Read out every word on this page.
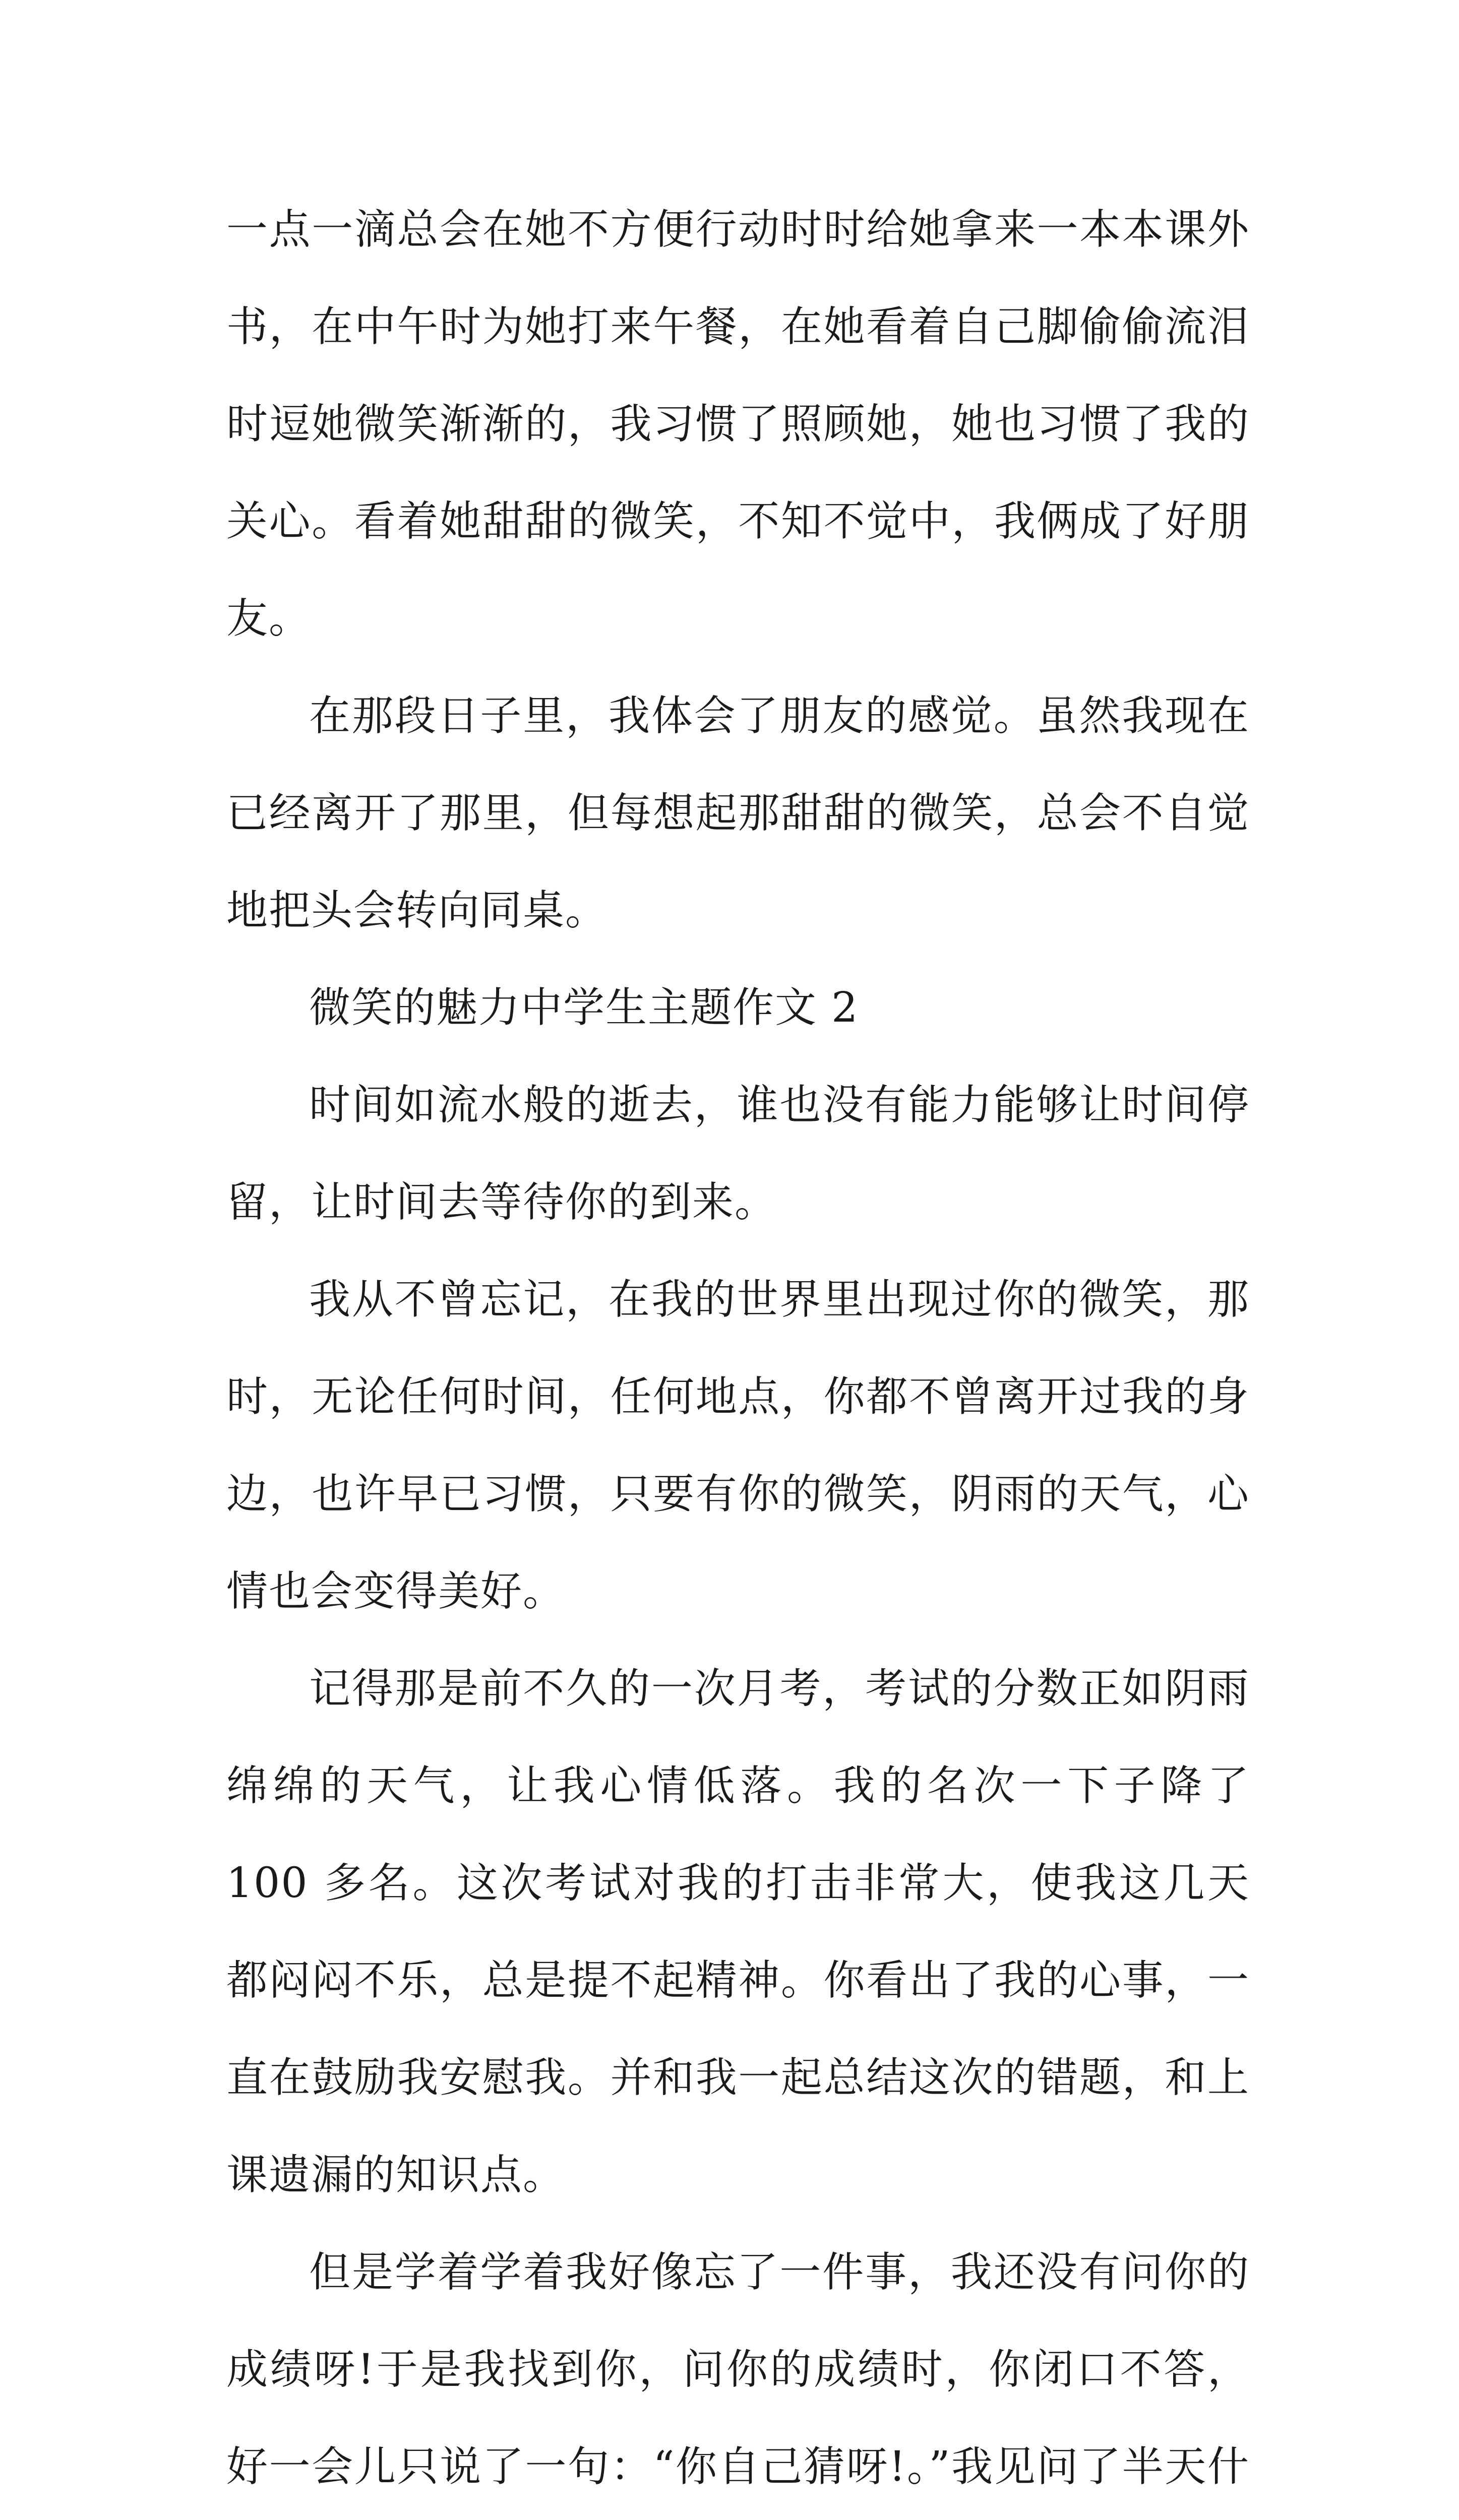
一点一滴总会在她不方便行动时时给她拿来一本本课外书，在中午时为她打来午餐，在她看着自己脚偷偷流泪时逗她微笑渐渐的，我习惯了照顾她，她也习惯了我的关心。看着她甜甜的微笑，不知不觉中，我俩成了好朋友。

在那段日子里，我体会了朋友的感觉。虽然我现在已经离开了那里，但每想起那甜甜的微笑，总会不自觉地把头会转向同桌。

微笑的魅力中学生主题作文 2

时间如流水般的逝去，谁也没有能力能够让时间停留，让时间去等待你的到来。

我从不曾忘记，在我的世界里出现过你的微笑，那时，无论任何时间，任何地点，你都不曾离开过我的身边，也许早已习惯，只要有你的微笑，阴雨的天气，心情也会变得美好。

记得那是前不久的一次月考，考试的分数正如阴雨绵绵的天气，让我心情低落。我的名次一下子降了 100 多名。这次考试对我的打击非常大，使我这几天都闷闷不乐，总是提不起精神。你看出了我的心事，一直在鼓励我安慰我。并和我一起总结这次的错题，和上课遗漏的知识点。

但是学着学着我好像忘了一件事，我还没有问你的成绩呀!于是我找到你，问你的成绩时，你闭口不答，好一会儿只说了一句：“你自己猜呀!。”我见问了半天什
